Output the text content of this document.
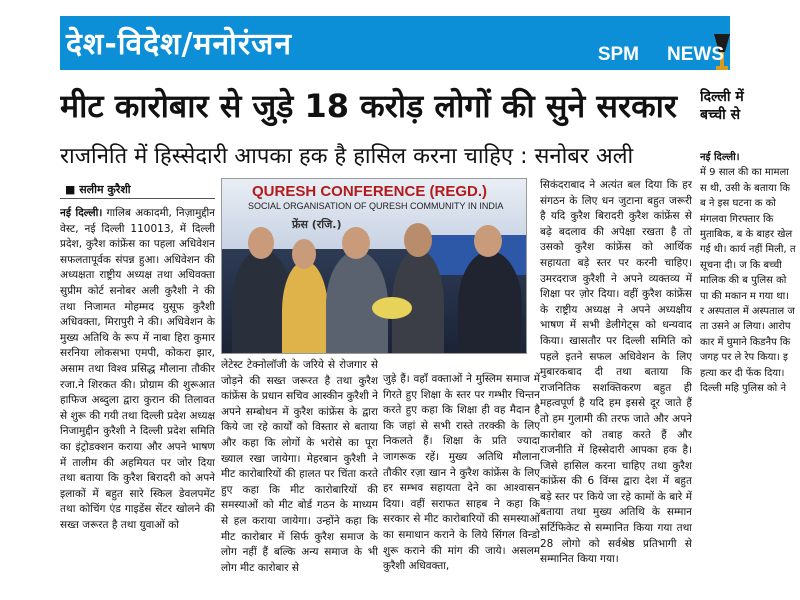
देश-विदेश/मनोरंजन	SPM NEWS
मीट कारोबार से जुड़े 18 करोड़ लोगों की सुने सरकार
राजनिति में हिस्सेदारी आपका हक है हासिल करना चाहिए : सनोबर अली
■ सलीम कुरैशी
नई दिल्ली। गालिब अकादमी, निज़ामुद्दीन वेस्ट, नई दिल्ली 110013, में दिल्ली प्रदेश, कुरैश कांफ्रेंस का पहला अधिवेशन सफलतापूर्वक संपन्न हुआ। अधिवेशन की अध्यक्षता राष्ट्रीय अध्यक्ष तथा अधिवक्ता सुप्रीम कोर्ट सनोबर अली कुरैशी ने की तथा निजामत मोहम्मद युसूफ कुरैशी अधिवक्ता, मिरापुरी ने की। अधिवेशन के मुख्य अतिथि के रूप में नाबा हिरा कुमार सरनिया लोकसभा एमपी, कोकरा झार, असाम तथा विश्व प्रसिद्ध मौलाना तौकीर रजा.ने शिरकत की। प्रोग्राम की शुरूआत हाफिज अब्दुला द्वारा कुरान की तिलावत से शुरू की गयी तथा दिल्ली प्रदेश अध्यक्ष निजामुद्दीन कुरैशी ने दिल्ली प्रदेश समिति का इंट्रोडक्शन कराया और अपने भाषण में तालीम की अहमियत पर जोर दिया तथा बताया कि कुरैश बिरादरी को अपने इलाकों में बहुत सारे स्किल डेवलपमेंट तथा कोचिंग एंड गाइडेंस सेंटर खोलने की सख्त जरूरत है तथा युवाओं को
QURESH CONFERENCE (REGD.)
SOCIAL ORGANISATION OF QURESH COMMUNITY IN INDIA
फ्रेंस (रजि.)
लेटेस्ट टेक्नोलॉजी के जरिये से रोजगार से जोड़ने की सख्त जरूरत है तथा कुरैश कांफ्रेंस के प्रधान सचिव आस्कीन कुरैशी ने अपने सम्बोधन में कुरैश कांफ्रेंस के द्वारा किये जा रहे कार्यों को विस्तार से बताया और कहा कि लोगों के भरोसे का पूरा ख्याल रखा जायेगा। मेहरबान कुरैशी ने मीट कारोबारियों की हालत पर चिंता करते हुए कहा कि मीट कारोबारियों की समस्याओं को मीट बोर्ड गठन के माध्यम से हल कराया जायेगा। उन्होंने कहा कि मीट कारोबार में सिर्फ कुरैश समाज के लोग नहीं हैं बल्कि अन्य समाज के भी लोग मीट कारोबार से
जुड़े हैं। वहाँ वक्ताओं ने मुस्लिम समाज में गिरते हुए शिक्षा के स्तर पर गम्भीर चिन्तन करते हुए कहा कि शिक्षा ही वह मैदान है कि जहां से सभी रास्ते तरक्की के लिए निकलते हैं। शिक्षा के प्रति ज्यादा जागरूक रहें। मुख्य अतिथि मौलाना तौकीर रज़ा खान ने कुरैश कांफ्रेंस के लिए हर सम्भव सहायता देने का आश्वासन दिया। वहीं सराफत साहब ने कहा कि सरकार से मीट कारोबारियों की समस्याओं का समाधान कराने के लिये सिंगल विन्डो शुरू कराने की मांग की जाये। असलम कुरैशी अधिवक्ता,
सिकंदराबाद ने अत्यंत बल दिया कि हर संगठन के लिए धन जुटाना बहुत जरूरी है यदि कुरैश बिरादरी कुरैश कांफ्रेंस से बढ़े बदलाव की अपेक्षा रखता है तो उसको कुरैश कांफ्रेंस को आर्थिक सहायता बड़े स्तर पर करनी चाहिए। उमरदराज कुरैशी ने अपने व्यक्तव्य में शिक्षा पर ज़ोर दिया। वहीं कुरैश कांफ्रेंस के राष्ट्रीय अध्यक्ष ने अपने अध्यक्षीय भाषण में सभी डेलीगेट्स को धन्यवाद किया। खासतौर पर दिल्ली समिति को पहले इतने सफल अधिवेशन के लिए मुबारकबाद दी तथा बताया कि राजनितिक सशक्तिकरण बहुत ही महत्वपूर्ण है यदि हम इससे दूर जाते हैं तो हम गुलामी की तरफ जाते और अपने कारोबार को तबाह करते हैं और राजनीति में हिस्सेदारी आपका हक है। जिसे हासिल करना चाहिए तथा कुरैश कांफ्रेंस की 6 विंग्स द्वारा देश में बहुत बड़े स्तर पर किये जा रहे कामों के बारे में बताया तथा मुख्य अतिथि के सम्मान सर्टिफिकेट से सम्मानित किया गया तथा 28 लोगो को सर्वश्रेष्ठ प्रतिभागी से सम्मानित किया गया।
दिल्ली में
बच्ची से
नई दिल्ली।
में 9 साल की का मामला स थी, उसी के बताया कि ब ने इस घटना क को मंगलवा गिरफ्तार कि मुताबिक, ब के बाहर खेल गई थी। कार्य नहीं मिली, त सूचना दी। ज कि बच्ची मालिक की ब पुलिस को पा की मकान म गया था। र अस्पताल में अस्पताल ज ता उसने अ लिया। आरोप कार में घुमाने किडनैप कि जगह पर ले रेप किया। इ हत्या कर दी फेंक दिया। दिल्ली महि पुलिस को ने
